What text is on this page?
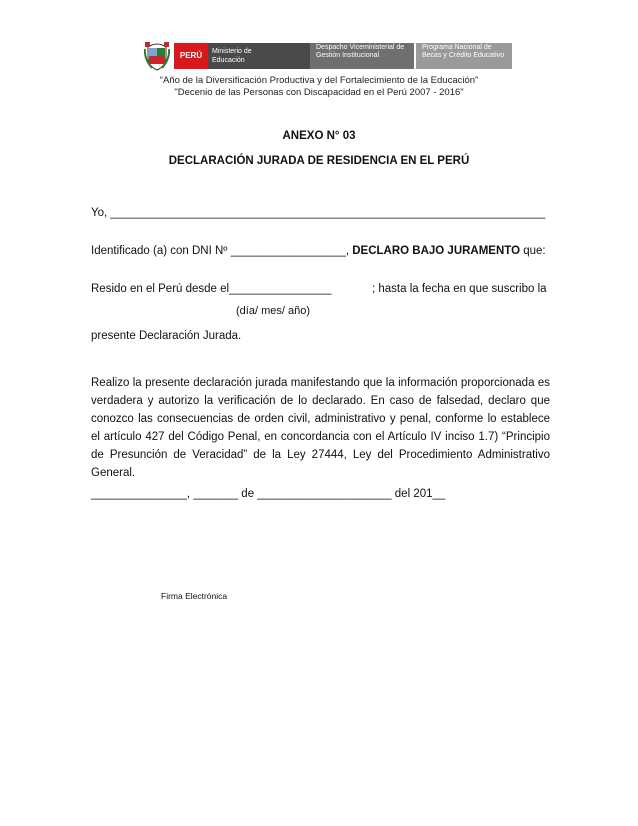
PERÚ	Ministerio de Educación
Despacho Viceministerial de Gestión Institucional
Programa Nacional de Becas y Crédito Educativo
“Año de la Diversificación Productiva y del Fortalecimiento de la Educación”
"Decenio de las Personas con Discapacidad en el Perú 2007 - 2016"
ANEXO N° 03
DECLARACIÓN JURADA DE RESIDENCIA EN EL PERÚ
Yo, ____________________________________________________________________
Identificado (a) con DNI Nº __________________, DECLARO BAJO JURAMENTO que:
Resido en el Perú desde el________________	; hasta la fecha en que suscribo la
(día/ mes/ año)
presente Declaración Jurada.
Realizo la presente declaración jurada manifestando que la información proporcionada es verdadera y autorizo la verificación de lo declarado. En caso de falsedad, declaro que conozco las consecuencias de orden civil, administrativo y penal, conforme lo establece el artículo 427 del Código Penal, en concordancia con el Artículo IV inciso 1.7) “Principio de Presunción de Veracidad” de la Ley 27444, Ley del Procedimiento Administrativo General.
_______________, _______ de _____________________ del 201__
Firma Electrónica
